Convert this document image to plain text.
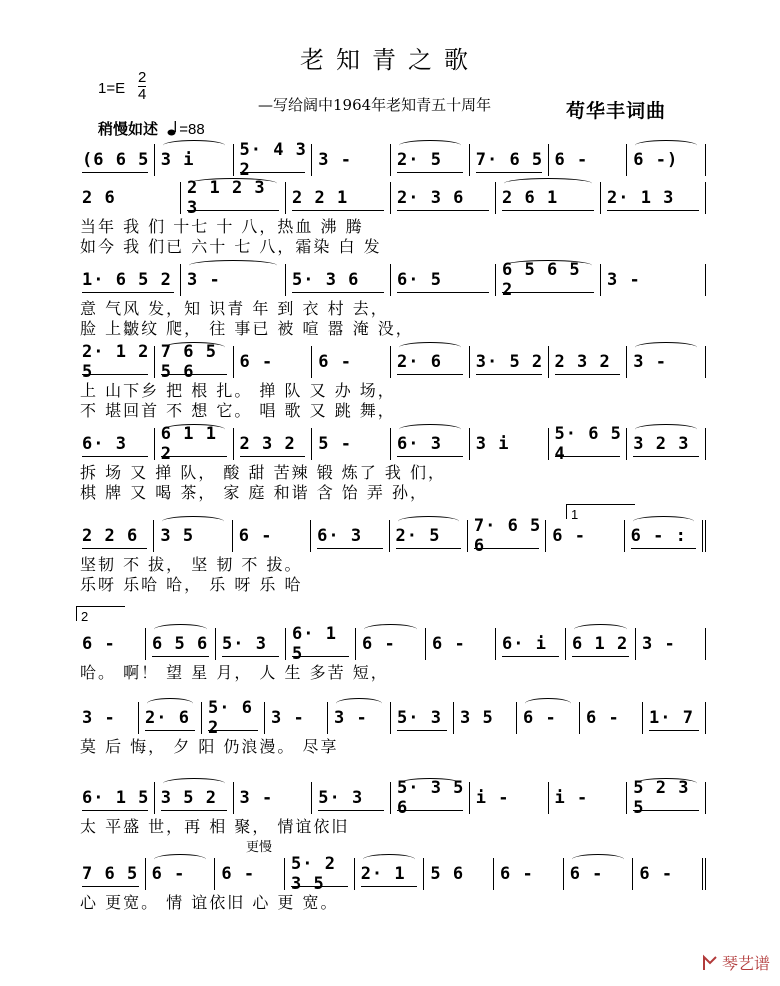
老知青之歌
1=E
2
4
—写给阔中1964年老知青五十周年	苟华丰词曲
稍慢如述 =88
(6 6 5 3 i	5· 4 3 2	3 -	2· 5 7· 6 5 6 -	6 -)
2 6	2 1 2 3 3	2 2 1	2· 3 6 2 6 1	2· 1 3
当年 我 们 十七 十 八，热血 沸 腾
如今 我 们已 六十 七 八，霜染 白 发
1· 6 5 2 3 -	5· 3 6 6· 5	6 5 6 5 2	3 -
意 气风 发，知 识青 年 到 衣 村 去，
脸 上皺纹 爬， 往 事已 被 喧 嚣 淹 没，
2· 1 2 5
7 6 5 5 6	6 -	6 -	2· 6 3· 5 2 2 3 2 3 -
上 山下乡 把 根 扎。 掸 队 又 办 场，
不 堪回首 不 想 它。 唱 歌 又 跳 舞，
6· 3 6 1 1 2	2 3 2 5 -	6· 3 3 i	5· 6 5 4	3 2 3
拆 场 又 掸 队， 酸 甜 苦辣 锻 炼了 我 们，
棋 牌 又 喝 茶， 家 庭 和谐 含 饴 弄 孙，
2 2 6 3 5	6 -	6· 3 2· 5 7· 6 5 6	6 -	6 - :
坚韧 不 拔， 坚 韧 不 拔。
乐呀 乐哈 哈， 乐 呀 乐 哈
6 - 6 5 6 5· 3 6· 1 5	6 - 6 - 6· i 6 1 2 3 -
哈。 啊！ 望 星 月， 人 生 多苦 短，
3 - 2· 6 5· 6 2	3 - 3 - 5· 3 3 5 6 - 6 - 1· 7
莫 后 悔， 夕 阳 仍浪漫。 尽享
6· 1 5 3 5 2 3 -	5· 3 5· 3 5 6	i -	i -	5 2 3 5
太 平盛 世，再 相 聚， 情谊依旧
7 6 5 6 - 6 - 5· 2 3 5	2· 1 5 6 6 - 6 - 6 -
心 更宽。 情 谊依旧 心 更 宽。
1
2
更慢
琴艺谱
